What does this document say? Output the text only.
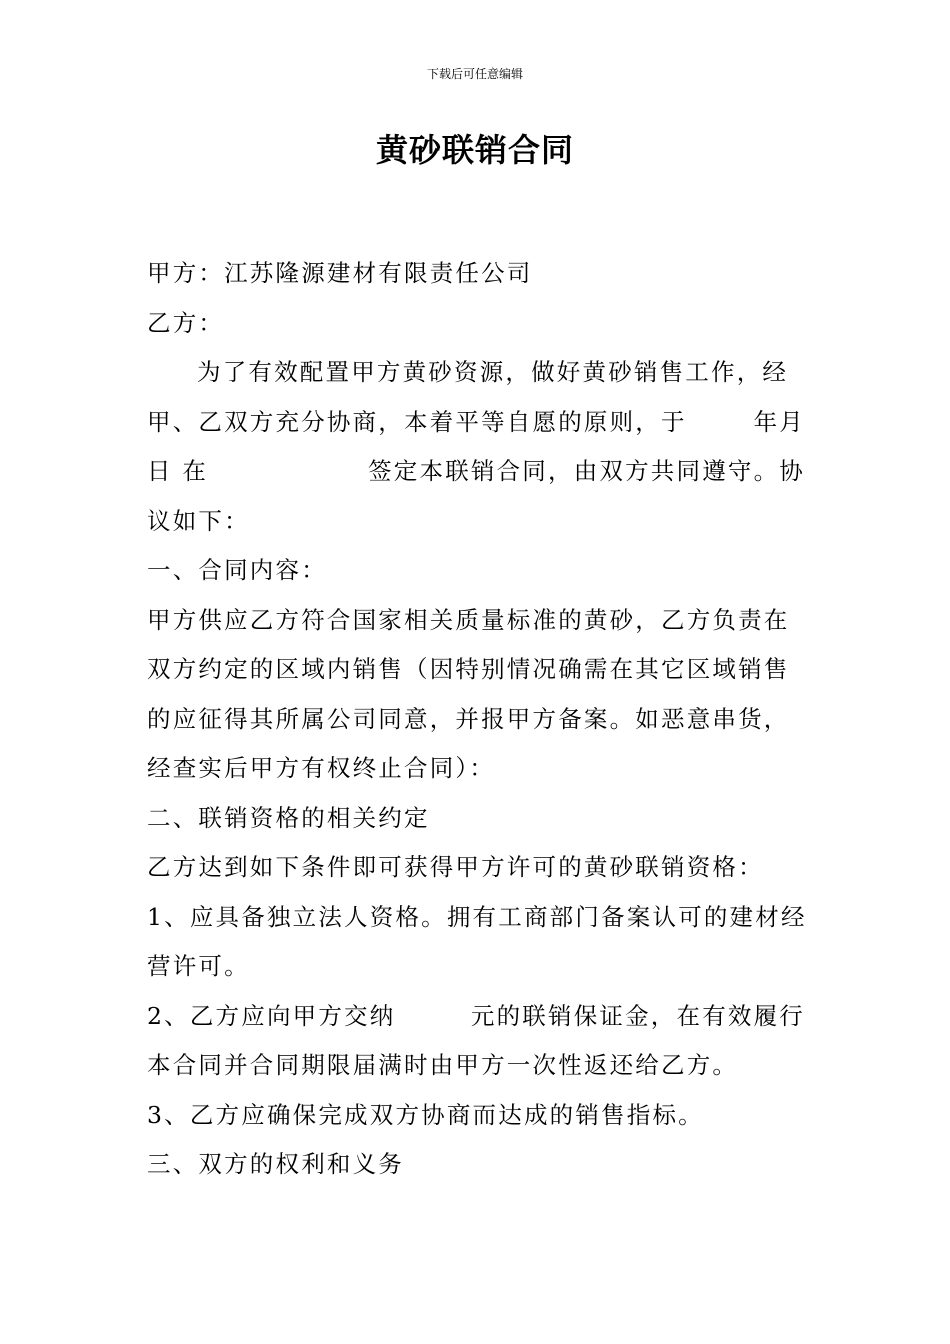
下载后可任意编辑
黄砂联销合同
甲方：江苏隆源建材有限责任公司
乙方：
为了有效配置甲方黄砂资源，做好黄砂销售工作，经
甲、乙双方充分协商，本着平等自愿的原则，于	年月
日 在	签定本联销合同，由双方共同遵守。协
议如下：
一、合同内容：
甲方供应乙方符合国家相关质量标准的黄砂，乙方负责在
双方约定的区域内销售（因特别情况确需在其它区域销售
的应征得其所属公司同意，并报甲方备案。如恶意串货，
经查实后甲方有权终止合同）：
二、联销资格的相关约定
乙方达到如下条件即可获得甲方许可的黄砂联销资格：
1、应具备独立法人资格。拥有工商部门备案认可的建材经
营许可。
2、乙方应向甲方交纳	元的联销保证金，在有效履行
本合同并合同期限届满时由甲方一次性返还给乙方。
3、乙方应确保完成双方协商而达成的销售指标。
三、双方的权利和义务
